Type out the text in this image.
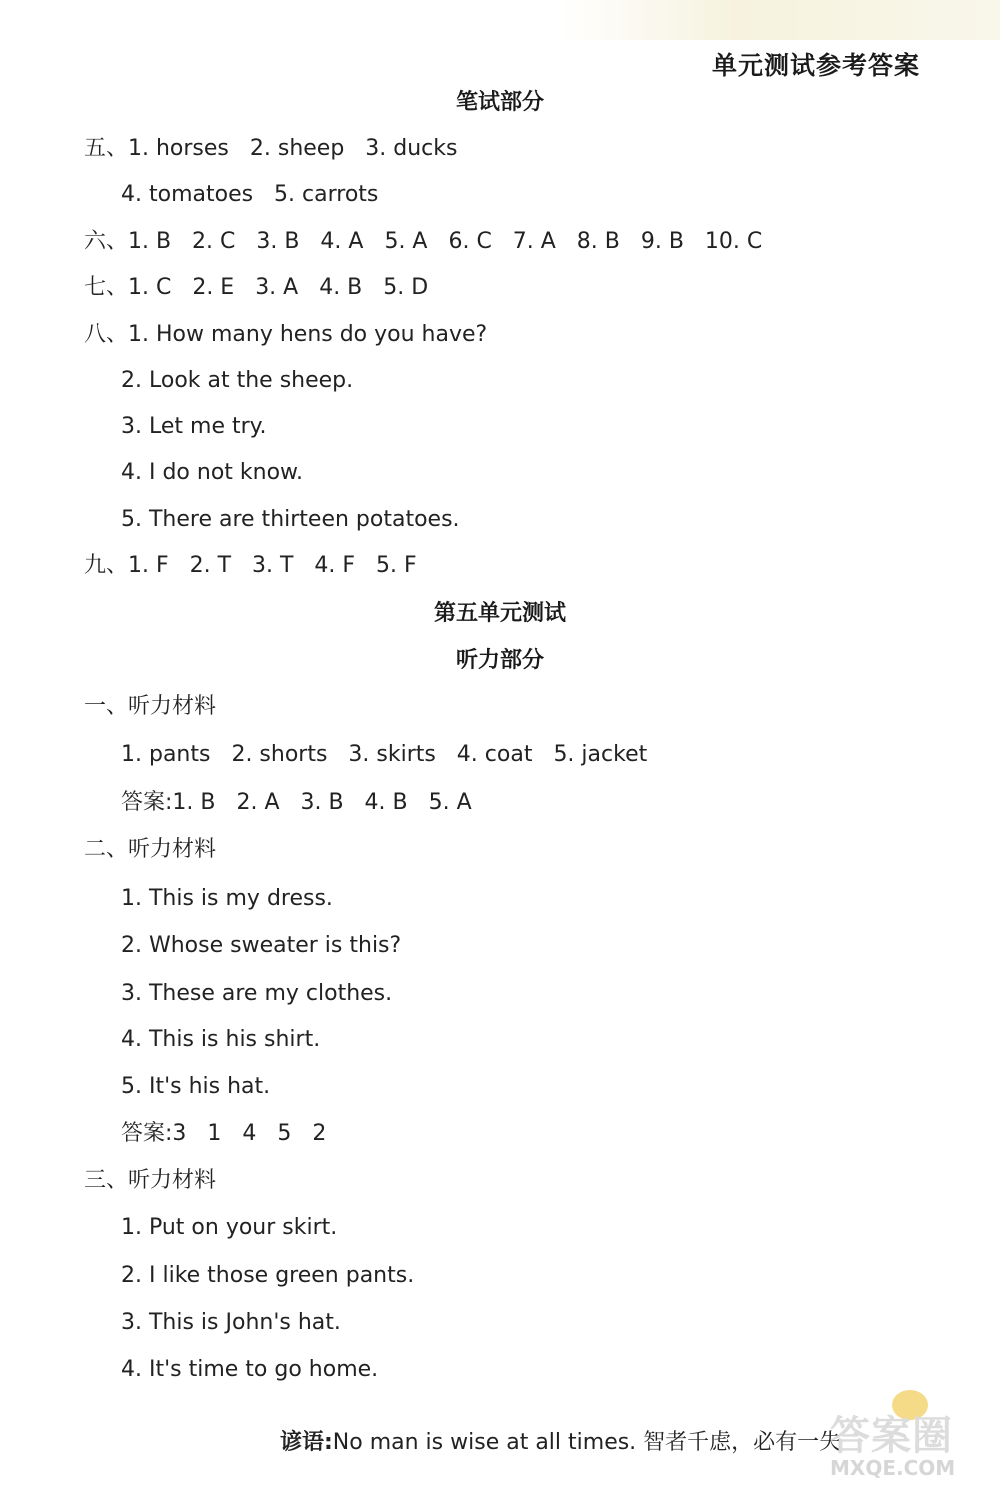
单元测试参考答案
笔试部分
五、1. horses   2. sheep   3. ducks
4. tomatoes   5. carrots
六、1. B   2. C   3. B   4. A   5. A   6. C   7. A   8. B   9. B   10. C
七、1. C   2. E   3. A   4. B   5. D
八、1. How many hens do you have?
2. Look at the sheep.
3. Let me try.
4. I do not know.
5. There are thirteen potatoes.
九、1. F   2. T   3. T   4. F   5. F
第五单元测试
听力部分
一、听力材料
1. pants   2. shorts   3. skirts   4. coat   5. jacket
答案:1. B   2. A   3. B   4. B   5. A
二、听力材料
1. This is my dress.
2. Whose sweater is this?
3. These are my clothes.
4. This is his shirt.
5. It's his hat.
答案:3   1   4   5   2
三、听力材料
1. Put on your skirt.
2. I like those green pants.
3. This is John's hat.
4. It's time to go home.

谚语:No man is wise at all times. 智者千虑，必有一失

答案圈
MXQE.COM
